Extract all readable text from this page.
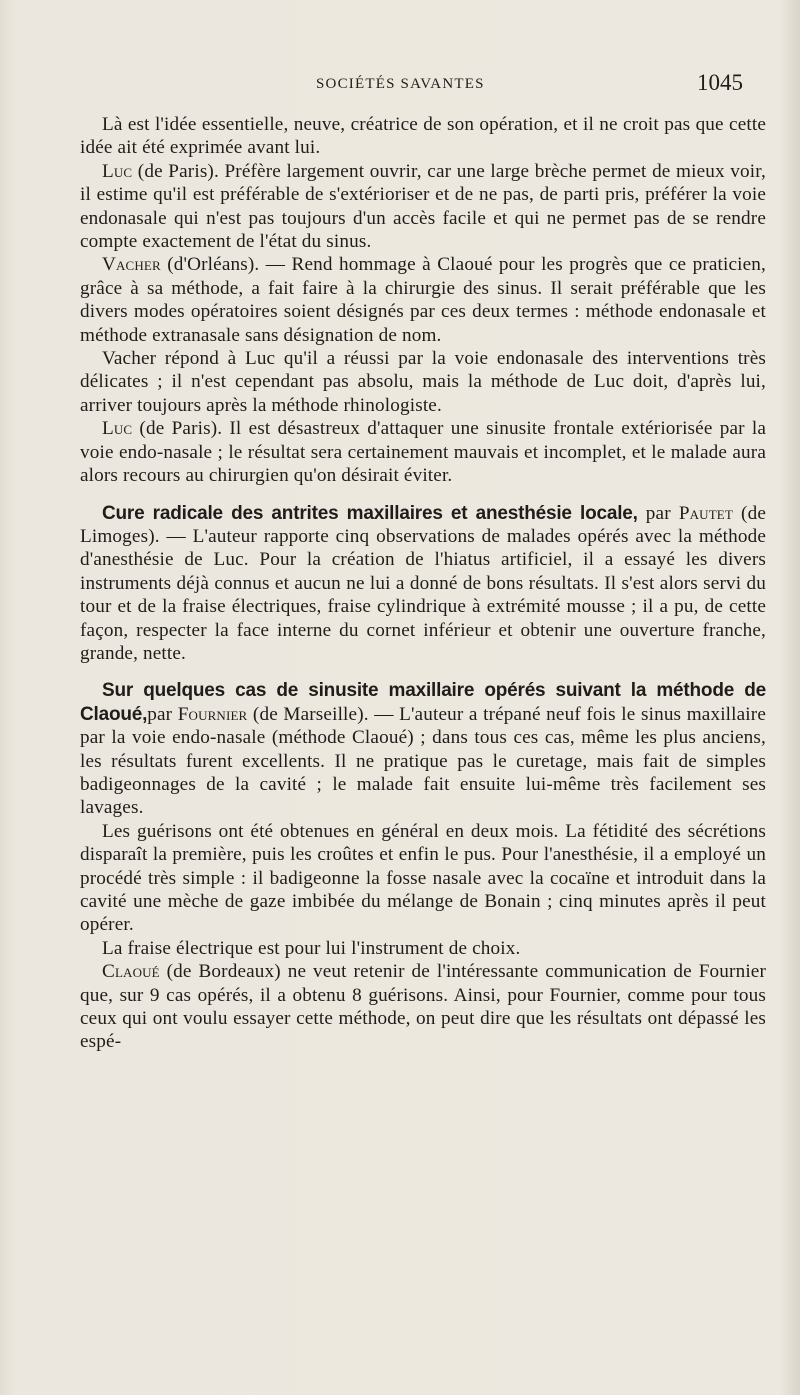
SOCIÉTÉS SAVANTES	1045

Là est l'idée essentielle, neuve, créatrice de son opération, et il ne croit pas que cette idée ait été exprimée avant lui.

Luc (de Paris). Préfère largement ouvrir, car une large brèche permet de mieux voir, il estime qu'il est préférable de s'extérioriser et de ne pas, de parti pris, préférer la voie endonasale qui n'est pas toujours d'un accès facile et qui ne permet pas de se rendre compte exactement de l'état du sinus.

Vacher (d'Orléans). — Rend hommage à Claoué pour les progrès que ce praticien, grâce à sa méthode, a fait faire à la chirurgie des sinus. Il serait préférable que les divers modes opératoires soient désignés par ces deux termes : méthode endonasale et méthode extranasale sans désignation de nom.

Vacher répond à Luc qu'il a réussi par la voie endonasale des interventions très délicates ; il n'est cependant pas absolu, mais la méthode de Luc doit, d'après lui, arriver toujours après la méthode rhinologiste.

Luc (de Paris). Il est désastreux d'attaquer une sinusite frontale extériorisée par la voie endo-nasale ; le résultat sera certainement mauvais et incomplet, et le malade aura alors recours au chirurgien qu'on désirait éviter.

Cure radicale des antrites maxillaires et anesthésie locale, par Pautet (de Limoges). — L'auteur rapporte cinq observations de malades opérés avec la méthode d'anesthésie de Luc. Pour la création de l'hiatus artificiel, il a essayé les divers instruments déjà connus et aucun ne lui a donné de bons résultats. Il s'est alors servi du tour et de la fraise électriques, fraise cylindrique à extrémité mousse ; il a pu, de cette façon, respecter la face interne du cornet inférieur et obtenir une ouverture franche, grande, nette.

Sur quelques cas de sinusite maxillaire opérés suivant la méthode de Claoué,par Fournier (de Marseille). — L'auteur a trépané neuf fois le sinus maxillaire par la voie endo-nasale (méthode Claoué) ; dans tous ces cas, même les plus anciens, les résultats furent excellents. Il ne pratique pas le curetage, mais fait de simples badigeonnages de la cavité ; le malade fait ensuite lui-même très facilement ses lavages.

Les guérisons ont été obtenues en général en deux mois. La fétidité des sécrétions disparaît la première, puis les croûtes et enfin le pus. Pour l'anesthésie, il a employé un procédé très simple : il badigeonne la fosse nasale avec la cocaïne et introduit dans la cavité une mèche de gaze imbibée du mélange de Bonain ; cinq minutes après il peut opérer.

La fraise électrique est pour lui l'instrument de choix.

Claoué (de Bordeaux) ne veut retenir de l'intéressante communication de Fournier que, sur 9 cas opérés, il a obtenu 8 guérisons. Ainsi, pour Fournier, comme pour tous ceux qui ont voulu essayer cette méthode, on peut dire que les résultats ont dépassé les espé-
